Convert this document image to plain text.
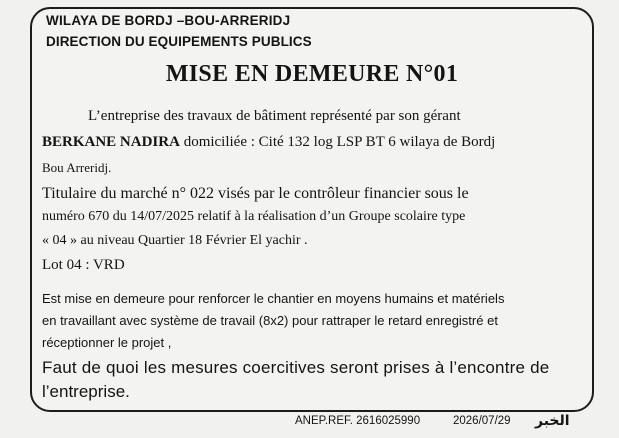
WILAYA DE BORDJ –BOU-ARRERIDJ
DIRECTION DU EQUIPEMENTS PUBLICS
MISE EN DEMEURE N°01
L’entreprise des travaux de bâtiment représenté par son gérant
BERKANE NADIRA domiciliée : Cité 132 log LSP BT 6 wilaya de Bordj
Bou Arreridj.
Titulaire du marché n° 022 visés par le contrôleur financier sous le
numéro 670 du 14/07/2025 relatif à la réalisation d’un Groupe scolaire type
« 04 » au niveau Quartier 18 Février El yachir .
Lot 04 : VRD
Est mise en demeure pour renforcer le chantier en moyens humains et matériels
en travaillant avec système de travail (8x2) pour rattraper le retard enregistré et
réceptionner le projet ,
Faut de quoi les mesures coercitives seront prises à l’encontre de
l’entreprise.
ANEP.REF. 2616025990	2026/07/29 الخبر
